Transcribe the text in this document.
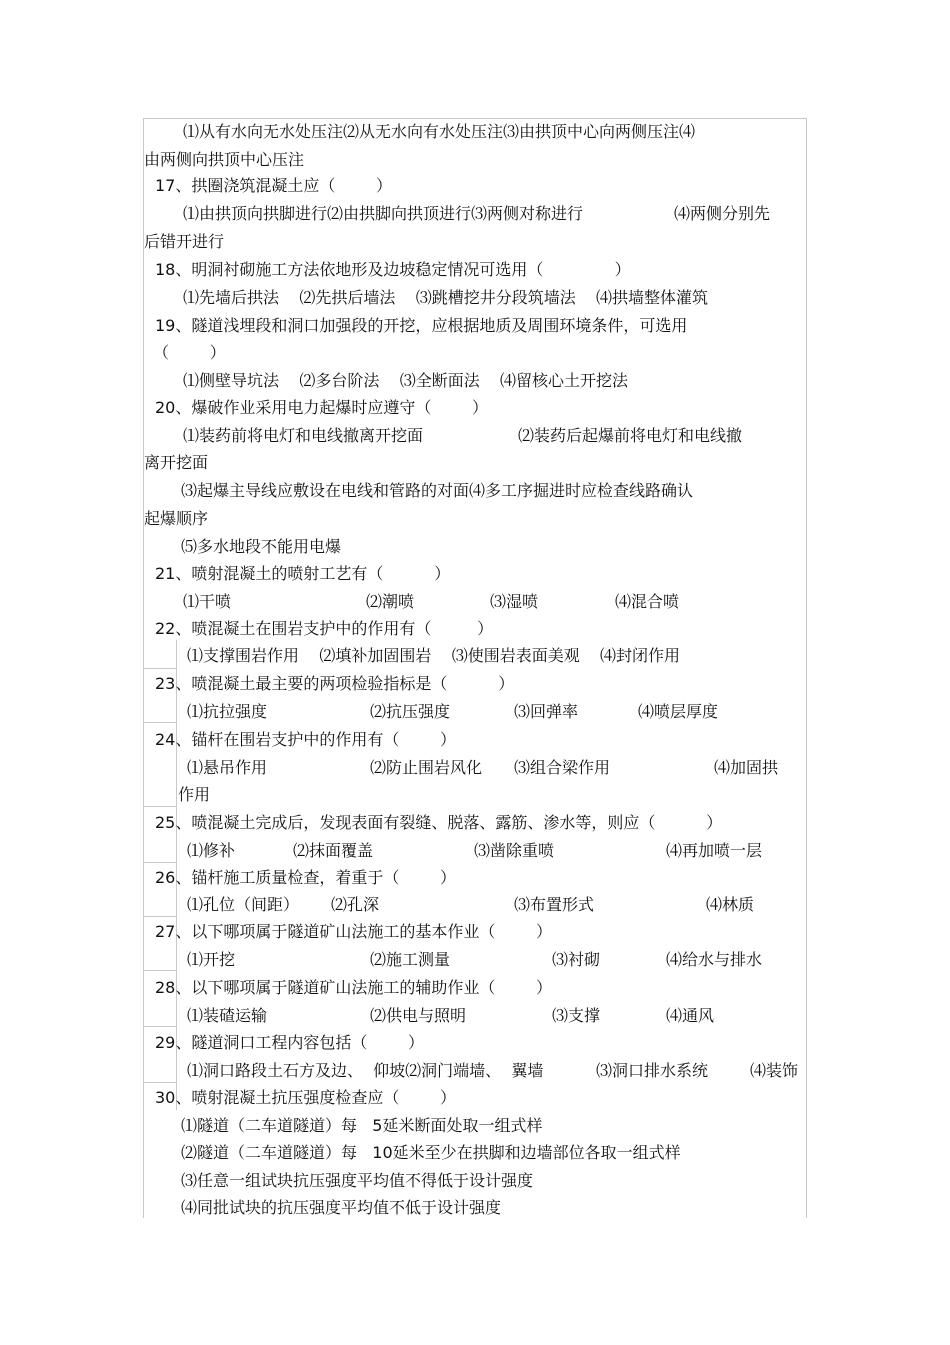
⑴从有水向无水处压注⑵从无水向有水处压注⑶由拱顶中心向两侧压注⑷
由两侧向拱顶中心压注
17、拱圈浇筑混凝土应（        ）
⑴由拱顶向拱脚进行⑵由拱脚向拱顶进行⑶两侧对称进行	⑷两侧分别先
后错开进行
18、明洞衬砌施工方法依地形及边坡稳定情况可选用（              ）
⑴先墙后拱法    ⑵先拱后墙法    ⑶跳槽挖井分段筑墙法    ⑷拱墙整体灌筑
19、隧道浅埋段和洞口加强段的开挖，应根据地质及周围环境条件，可选用
（        ）
⑴侧壁导坑法    ⑵多台阶法    ⑶全断面法    ⑷留核心土开挖法
20、爆破作业采用电力起爆时应遵守（        ）
⑴装药前将电灯和电线撤离开挖面	⑵装药后起爆前将电灯和电线撤
离开挖面
⑶起爆主导线应敷设在电线和管路的对面⑷多工序掘进时应检查线路确认
起爆顺序
⑸多水地段不能用电爆
21、喷射混凝土的喷射工艺有（          ）
⑴干喷	⑵潮喷	⑶湿喷	⑷混合喷
22、喷混凝土在围岩支护中的作用有（         ）
⑴支撑围岩作用    ⑵填补加固围岩    ⑶使围岩表面美观    ⑷封闭作用
23、喷混凝土最主要的两项检验指标是（          ）
⑴抗拉强度	⑵抗压强度	⑶回弹率	⑷喷层厚度
24、锚杆在围岩支护中的作用有（        ）
⑴悬吊作用	⑵防止围岩风化 ⑶组合梁作用	⑷加固拱
作用
25、喷混凝土完成后，发现表面有裂缝、脱落、露筋、渗水等，则应（          ）
⑴修补	⑵抹面覆盖	⑶凿除重喷	⑷再加喷一层
26、锚杆施工质量检查，着重于（        ）
⑴孔位（间距） ⑵孔深	⑶布置形式	⑷林质
27、以下哪项属于隧道矿山法施工的基本作业（        ）
⑴开挖	⑵施工测量	⑶衬砌	⑷给水与排水
28、以下哪项属于隧道矿山法施工的辅助作业（        ）
⑴装碴运输	⑵供电与照明	⑶支撑	⑷通风
29、隧道洞口工程内容包括（        ）
⑴洞口路段土石方及边、  仰坡⑵洞门端墙、  翼墙	⑶洞口排水系统	⑷装饰
30、喷射混凝土抗压强度检查应（        ）
⑴隧道（二车道隧道）每   5延米断面处取一组式样
⑵隧道（二车道隧道）每   10延米至少在拱脚和边墙部位各取一组式样
⑶任意一组试块抗压强度平均值不得低于设计强度
⑷同批试块的抗压强度平均值不低于设计强度
